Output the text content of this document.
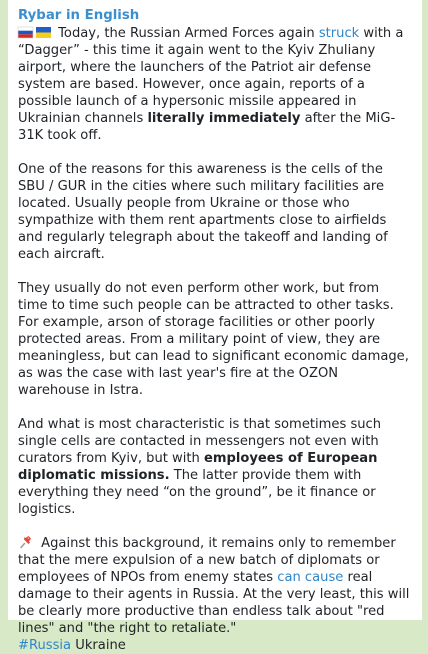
Rybar in English

Today, the Russian Armed Forces again struck with a “Dagger” - this time it again went to the Kyiv Zhuliany airport, where the launchers of the Patriot air defense system are based. However, once again, reports of a possible launch of a hypersonic missile appeared in Ukrainian channels literally immediately after the MiG-31K took off.

One of the reasons for this awareness is the cells of the SBU / GUR in the cities where such military facilities are located. Usually people from Ukraine or those who sympathize with them rent apartments close to airfields and regularly telegraph about the takeoff and landing of each aircraft.

They usually do not even perform other work, but from time to time such people can be attracted to other tasks. For example, arson of storage facilities or other poorly protected areas. From a military point of view, they are meaningless, but can lead to significant economic damage, as was the case with last year's fire at the OZON warehouse in Istra.

And what is most characteristic is that sometimes such single cells are contacted in messengers not even with curators from Kyiv, but with employees of European diplomatic missions. The latter provide them with everything they need “on the ground”, be it finance or logistics.

Against this background, it remains only to remember that the mere expulsion of a new batch of diplomats or employees of NPOs from enemy states can cause real damage to their agents in Russia. At the very least, this will be clearly more productive than endless talk about "red lines" and "the right to retaliate."
#Russia Ukraine
